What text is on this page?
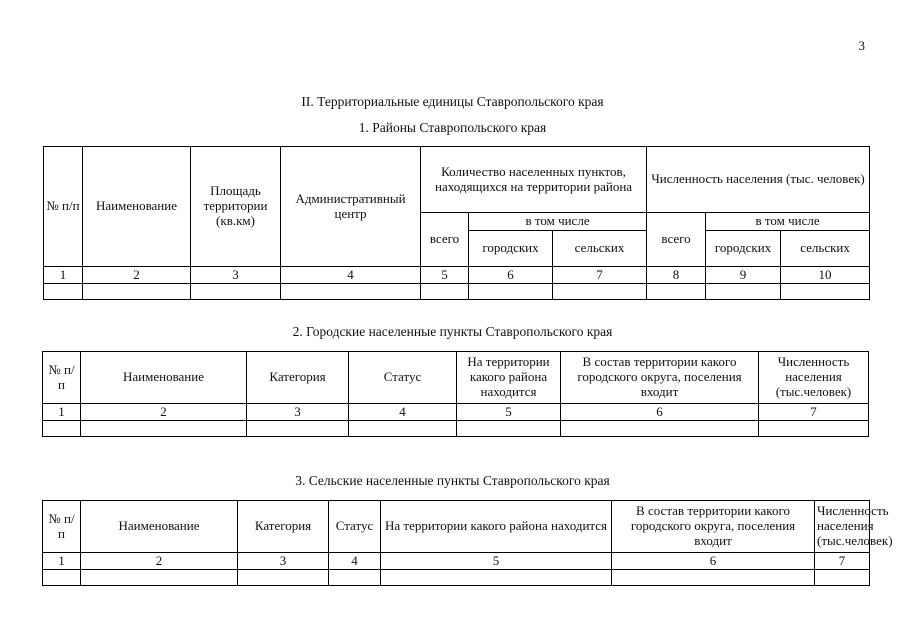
3
II. Территориальные единицы Ставропольского края
1. Районы Ставропольского края
№ п/п	Наименование	Площадь территории (кв.км)	Административный центр	Количество населенных пунктов, находящихся на территории района			Численность населения (тыс. человек)		
				всего	в том числе		всего	в том числе	
					городских	сельских		городских	сельских
1	2	3	4	5	6	7	8	9	10

2. Городские населенные пункты Ставропольского края
№ п/п	Наименование	Категория	Статус	На территории какого района находится	В состав территории какого городского округа, поселения входит	Численность населения (тыс.человек)
1	2	3	4	5	6	7

3. Сельские населенные пункты Ставропольского края
№ п/п	Наименование	Категория	Статус	На территории какого района находится	В состав территории какого городского округа, поселения входит	Численность населения (тыс.человек)
1	2	3	4	5	6	7
